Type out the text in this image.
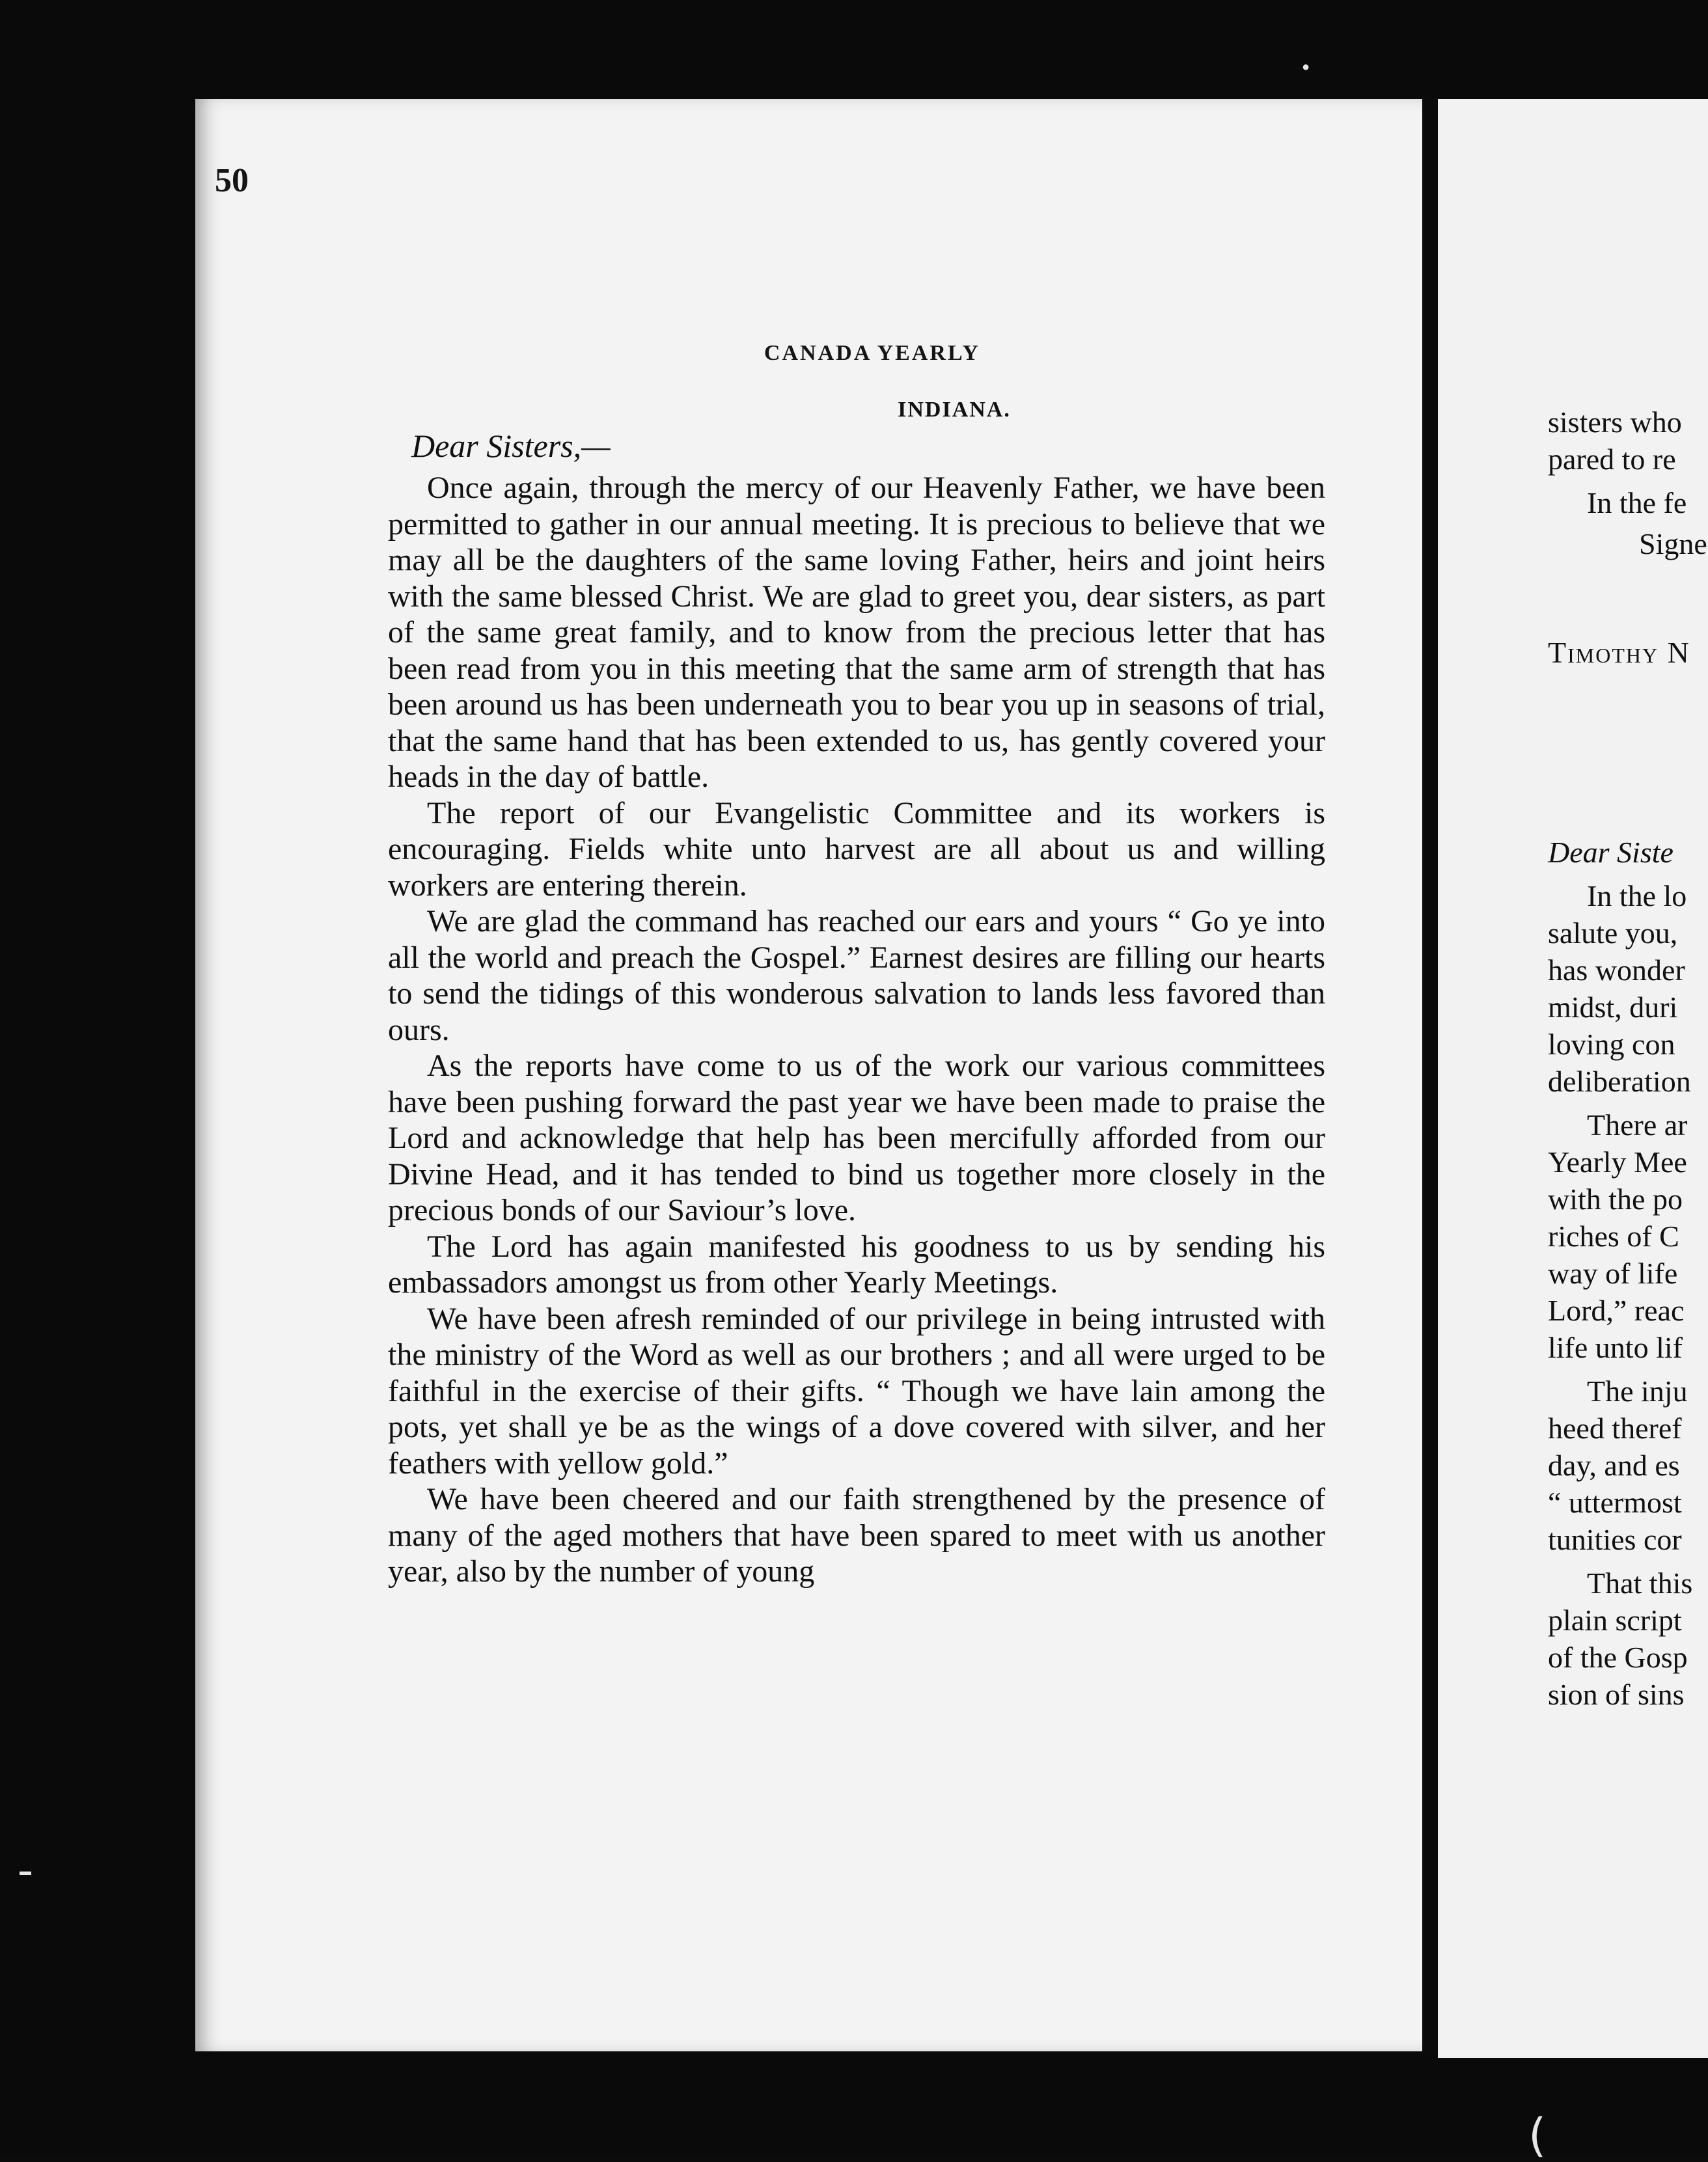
●
▬
(

50

CANADA YEARLY

INDIANA.

Dear Sisters,—

Once again, through the mercy of our Heavenly Father, we have been permitted to gather in our annual meeting. It is precious to believe that we may all be the daughters of the same loving Father, heirs and joint heirs with the same blessed Christ. We are glad to greet you, dear sisters, as part of the same great family, and to know from the precious letter that has been read from you in this meeting that the same arm of strength that has been around us has been underneath you to bear you up in seasons of trial, that the same hand that has been extended to us, has gently covered your heads in the day of battle.

The report of our Evangelistic Committee and its workers is encouraging. Fields white unto harvest are all about us and willing workers are entering therein.

We are glad the command has reached our ears and yours “ Go ye into all the world and preach the Gospel.” Earnest desires are filling our hearts to send the tidings of this wonderous salvation to lands less favored than ours.

As the reports have come to us of the work our various committees have been pushing forward the past year we have been made to praise the Lord and acknowledge that help has been mercifully afforded from our Divine Head, and it has tended to bind us together more closely in the precious bonds of our Saviour’s love.

The Lord has again manifested his goodness to us by sending his embassadors amongst us from other Yearly Meetings.

We have been afresh reminded of our privilege in being intrusted with the ministry of the Word as well as our brothers ; and all were urged to be faithful in the exercise of their gifts. “ Though we have lain among the pots, yet shall ye be as the wings of a dove covered with silver, and her feathers with yellow gold.”

We have been cheered and our faith strengthened by the presence of many of the aged mothers that have been spared to meet with us another year, also by the number of young

sisters who
pared to re
In the fe
Signe
Timothy N
Dear Siste
In the lo
salute you,
has wonder
midst, duri
loving con
deliberation
There ar
Yearly Mee
with the po
riches of C
way of life
Lord,” reac
life unto lif
The inju
heed theref
day, and es
“ uttermost
tunities cor
That this
plain script
of the Gosp
sion of sins
